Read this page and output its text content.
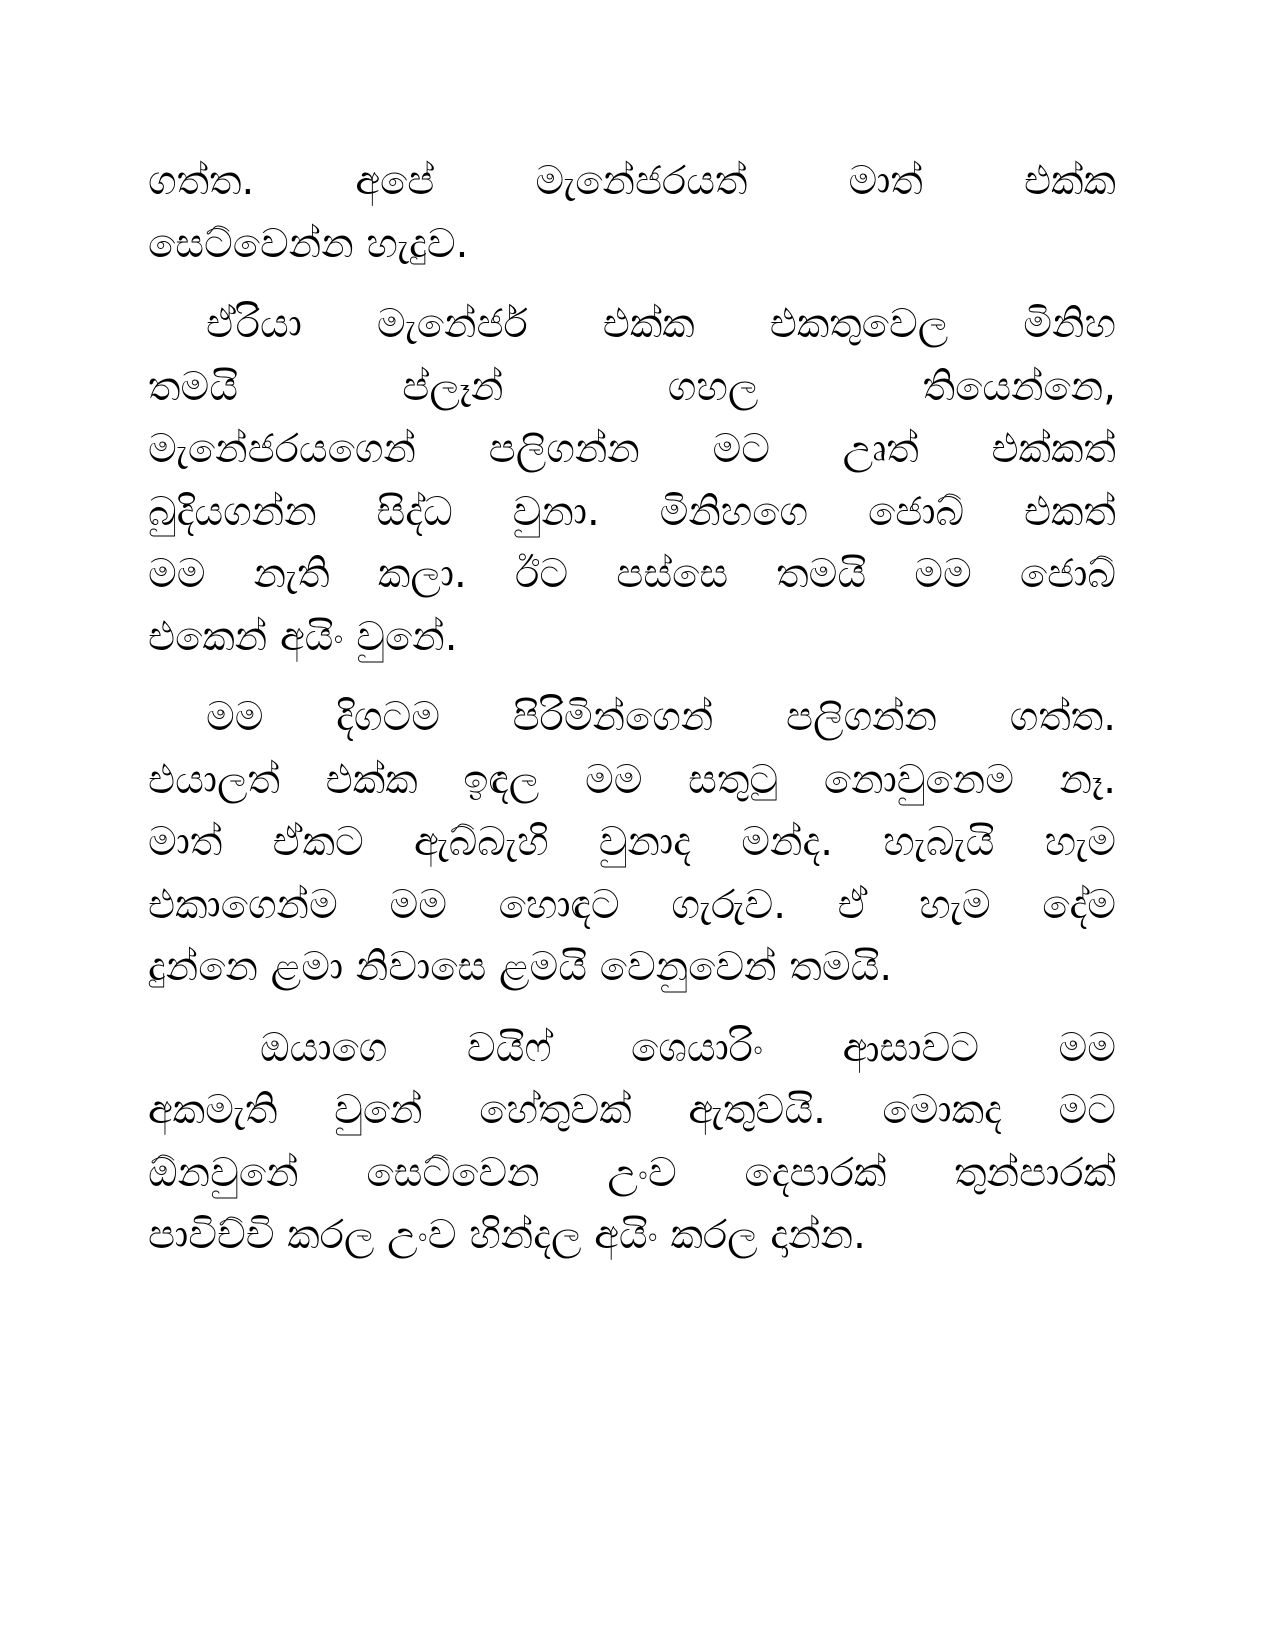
ගත්ත. අපේ මැනේජරයත් මාත් එක්ක
සෙට්වෙන්න හැදුව.

ඒරියා මැනේජර් එක්ක එකතුවෙල මිනිහ
තමයි ප්ලෑන් ගහල තියෙන්නෙ,
මැනේජරයගෙන් පලිගන්න මට උෘත් එක්කත්
බුදියගන්න සිද්ධ වුනා. මිනිහගෙ ජොබ් එකත්
මම නැති කලා. ඊට පස්සෙ තමයි මම ජොබ්
එකෙන් අයිං වුනේ.

මම දිගටම පිරිමින්ගෙන් පලිගන්න ගත්ත.
එයාලත් එක්ක ඉඳල මම සතුටු නොවුනෙම නෑ.
මාත් ඒකට ඇබ්බැහි වුනාද මන්ද. හැබැයි හැම
එකාගෙන්ම මම හොඳට ගැරුව. ඒ හැම දේම
දුන්නෙ ළමා නිවාසෙ ළමයි වෙනුවෙන් තමයි.

ඔයාගෙ වයිෆ් ශෙයාරිං ආසාවට මම
අකමැති වුනේ හේතුවක් ඇතුවයි. මොකද මට
ඕනවුනේ සෙට්වෙන උංව දෙපාරක් තුන්පාරක්
පාවිච්චි කරල උංව හින්දල අයිං කරල දාන්න.
